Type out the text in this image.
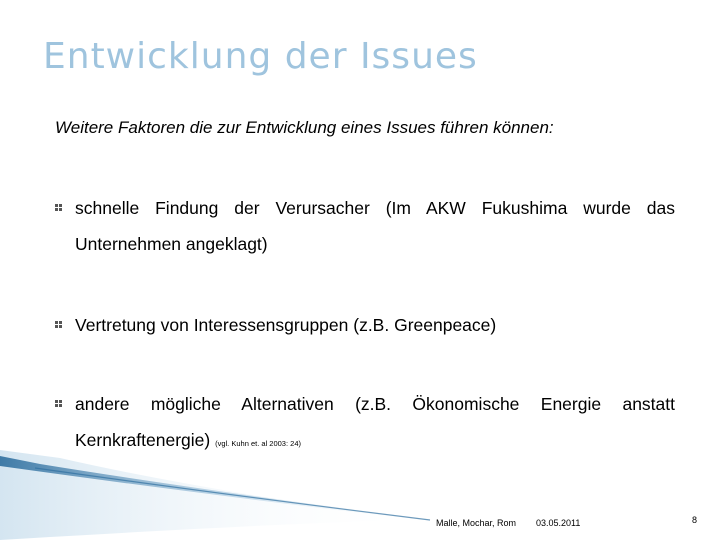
Entwicklung der Issues
Weitere Faktoren die zur Entwicklung eines Issues führen können:
schnelle Findung der Verursacher (Im AKW Fukushima wurde das
Unternehmen angeklagt)
Vertretung von Interessensgruppen (z.B. Greenpeace)
andere mögliche Alternativen (z.B. Ökonomische Energie anstatt
Kernkraftenergie) (vgl. Kuhn et. al 2003: 24)
Malle, Mochar, Rom 03.05.2011	8
